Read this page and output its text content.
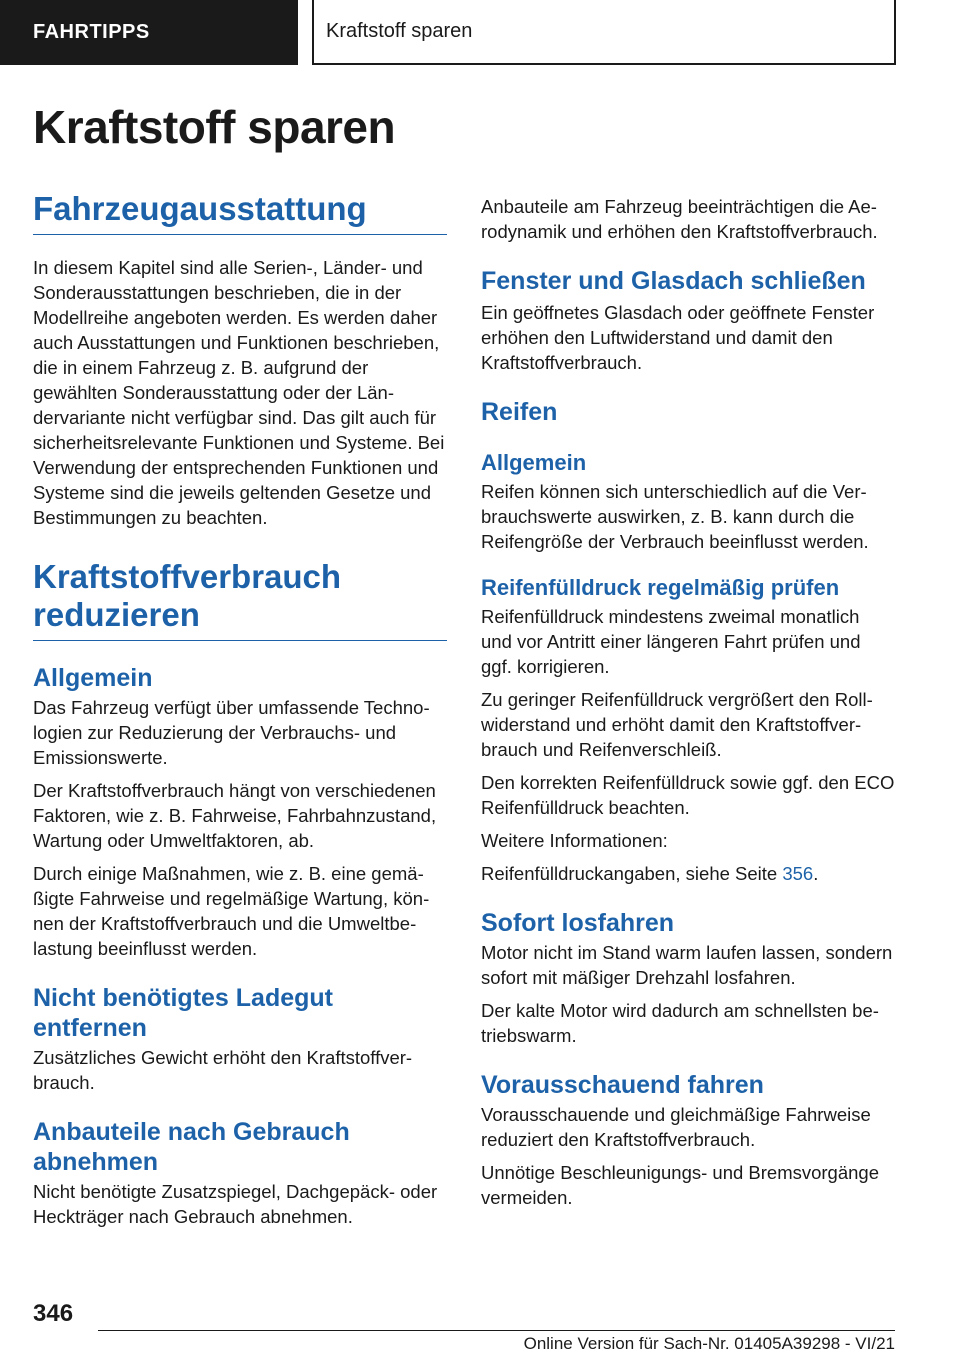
FAHRTIPPS	Kraftstoff sparen
Kraftstoff sparen
Fahrzeugausstattung

In diesem Kapitel sind alle Serien-, Länder- und Sonderausstattungen beschrieben, die in der Modellreihe angeboten werden. Es werden daher auch Ausstattungen und Funktionen beschrieben, die in einem Fahrzeug z. B. aufgrund der gewählten Sonderausstattung oder der Ländervariante nicht verfügbar sind. Das gilt auch für sicherheitsrelevante Funktionen und Systeme. Bei Verwendung der entsprechenden Funktionen und Systeme sind die jeweils geltenden Gesetze und Bestimmungen zu beachten.

Kraftstoffverbrauch
reduzieren
Allgemein

Das Fahrzeug verfügt über umfassende Technologien zur Reduzierung der Verbrauchs- und Emissionswerte.

Der Kraftstoffverbrauch hängt von verschiedenen Faktoren, wie z. B. Fahrweise, Fahrbahnzustand, Wartung oder Umweltfaktoren, ab.

Durch einige Maßnahmen, wie z. B. eine gemäßigte Fahrweise und regelmäßige Wartung, können der Kraftstoffverbrauch und die Umweltbelastung beeinflusst werden.

Nicht benötigtes Ladegut entfernen

Zusätzliches Gewicht erhöht den Kraftstoffverbrauch.

Anbauteile nach Gebrauch abnehmen

Nicht benötigte Zusatzspiegel, Dachgepäck- oder Heckträger nach Gebrauch abnehmen.

Anbauteile am Fahrzeug beeinträchtigen die Aerodynamik und erhöhen den Kraftstoffverbrauch.

Fenster und Glasdach schließen

Ein geöffnetes Glasdach oder geöffnete Fenster erhöhen den Luftwiderstand und damit den Kraftstoffverbrauch.

Reifen
Allgemein

Reifen können sich unterschiedlich auf die Verbrauchswerte auswirken, z. B. kann durch die Reifengröße der Verbrauch beeinflusst werden.

Reifenfülldruck regelmäßig prüfen

Reifenfülldruck mindestens zweimal monatlich und vor Antritt einer längeren Fahrt prüfen und ggf. korrigieren.

Zu geringer Reifenfülldruck vergrößert den Rollwiderstand und erhöht damit den Kraftstoffverbrauch und Reifenverschleiß.

Den korrekten Reifenfülldruck sowie ggf. den ECO Reifenfülldruck beachten.

Weitere Informationen:

Reifenfülldruckangaben, siehe Seite 356.

Sofort losfahren

Motor nicht im Stand warm laufen lassen, sondern sofort mit mäßiger Drehzahl losfahren.

Der kalte Motor wird dadurch am schnellsten betriebswarm.

Vorausschauend fahren

Vorausschauende und gleichmäßige Fahrweise reduziert den Kraftstoffverbrauch.

Unnötige Beschleunigungs- und Bremsvorgänge vermeiden.

346
Online Version für Sach-Nr. 01405A39298 - VI/21
